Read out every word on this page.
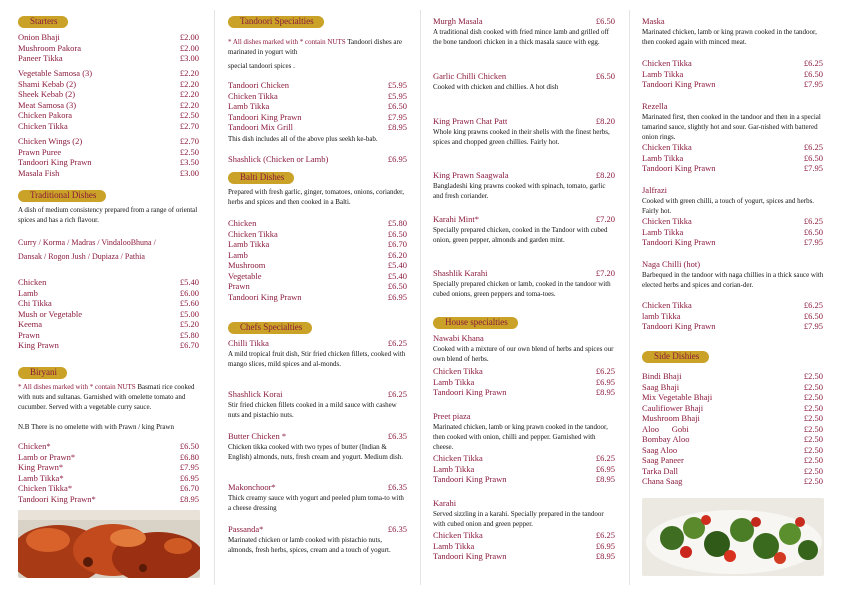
Starters
Onion Bhaji	£2.00
Mushroom Pakora	£2.00
Paneer Tikka	£3.00
Vegetable Samosa (3)	£2.20
Shami Kebab (2)	£2.20
Sheek Kebab (2)	£2.20
Meat Samosa (3)	£2.20
Chicken Pakora	£2.50
Chicken Tikka	£2.70
Chicken Wings (2)	£2.70
Prawn Puree	£2.50
Tandoori King Prawn	£3.50
Masala Fish	£3.00
Traditional Dishes
A dish of medium consistency prepared from a range of oriental spices and has a rich flavour.
Curry / Korma / Madras / VindalooBhuna /
Dansak / Rogon Jush / Dupiaza / Pathia
Chicken	£5.40
Lamb	£6.00
Chi Tikka	£5.60
Mush or Vegetable	£5.00
Keema	£5.20
Prawn	£5.80
King Prawn	£6.70
Biryani
* All dishes marked with * contain NUTS Basmati rice cooked with nuts and sultanas. Garnished with omelette tomato and cucumber. Served with a vegetable curry sauce.
N.B There is no omelette with with Prawn / king Prawn
Chicken*	£6.50
Lamb or Prawn*	£6.80
King Prawn*	£7.95
Lamb Tikka*	£6.95
Chicken Tikka*	£6.70
Tandoori King Prawn*	£8.95
Tandoori Specialties
* All dishes marked with * contain NUTS Tandoori dishes are marinated in yogurt with
special tandoori spices .
Tandoori Chicken	£5.95
Chicken Tikka	£5.95
Lamb Tikka	£6.50
Tandoori King Prawn	£7.95
Tandoori Mix Grill	£8.95
This dish includes all of the above plus seekh ke-bab.
Shashlick (Chicken or Lamb)	£6.95
Balti Dishes
Prepared with fresh garlic, ginger, tomatoes, onions, coriander, herbs and spices and then cooked in a Balti.
Chicken	£5.80
Chicken Tikka	£6.50
Lamb Tikka	£6.70
Lamb	£6.20
Mushroom	£5.40
Vegetable	£5.40
Prawn	£6.50
Tandoori King Prawn	£6.95
Chefs Specialties
Chilli Tikka	£6.25
A mild tropical fruit dish, Stir fried chicken fillets, cooked with mango slices, mild spices and al-monds.
Shashlick Korai	£6.25
Stir fried chicken fillets cooked in a mild sauce with cashew nuts and pistachio nuts.
Butter Chicken *	£6.35
Chicken tikka cooked with two types of butter (Indian & English) almonds, nuts, fresh cream and yogurt. Medium dish.
Makonchoor*	£6.35
Thick creamy sauce with yogurt and peeled plum toma-to with a cheese dressing
Passanda*	£6.35
Marinated chicken or lamb cooked with pistachio nuts, almonds, fresh herbs, spices, cream and a touch of yogurt.
Murgh Masala	£6.50
A traditional dish cooked with fried mince lamb and grilled off the bone tandoori chicken in a thick masala sauce with egg.
Garlic Chilli Chicken	£6.50
Cooked with chicken and chillies. A hot dish
King Prawn Chat Patt	£8.20
Whole king prawns cooked in their shells with the finest herbs, spices and chopped green chillies. Fairly hot.
King Prawn Saagwala	£8.20
Bangladeshi king prawns cooked with spinach, tomato, garlic and fresh coriander.
Karahi Mint*	£7.20
Specially prepared chicken, cooked in the Tandoor with cubed onion, green pepper, almonds and garden mint.
Shashlik Karahi	£7.20
Specially prepared chicken or lamb, cooked in the tandoor with cubed onions, green peppers and toma-toes.
House specialties
Nawabi Khana
Cooked with a mixture of our own blend of herbs and spices our own blend of herbs.
Chicken Tikka	£6.25
Lamb Tikka	£6.95
Tandoori King Prawn	£8.95
Preet piaza
Marinated chicken, lamb or king prawn cooked in the tandoor, then cooked with onion, chilli and pepper. Garnished with cheese.
Chicken Tikka	£6.25
Lamb Tikka	£6.95
Tandoori King Prawn	£8.95
Karahi
Served sizzling in a karahi. Specially prepared in the tandoor with cubed onion and green pepper.
Chicken Tikka	£6.25
Lamb Tikka	£6.95
Tandoori King Prawn	£8.95
Maska
Marinated chicken, lamb or king prawn cooked in the tandoor, then cooked again with minced meat.
Chicken Tikka	£6.25
Lamb Tikka	£6.50
Tandoori King Prawn	£7.95
Rezella
Marinated first, then cooked in the tandoor and then in a special tamarind sauce, slightly hot and sour. Gar-nished with battered onion rings.
Chicken Tikka	£6.25
Lamb Tikka	£6.50
Tandoori King Prawn	£7.95
Jalfrazi
Cooked with green chilli, a touch of yogurt, spices and herbs. Fairly hot.
Chicken Tikka	£6.25
Lamb Tikka	£6.50
Tandoori King Prawn	£7.95
Naga Chilli (hot)
Barbequed in the tandoor with naga chillies in a thick sauce with elected herbs and spices and corian-der.
Chicken Tikka	£6.25
lamb Tikka	£6.50
Tandoori King Prawn	£7.95
Side Dishies
Bindi Bhaji	£2.50
Saag Bhaji	£2.50
Mix Vegetable Bhaji	£2.50
Caulifiower Bhaji	£2.50
Mushroom Bhaji	£2.50
Aloo      Gobi	£2.50
Bombay Aloo	£2.50
Saag Aloo	£2.50
Saag Paneer	£2.50
Tarka Dall	£2.50
Chana Saag	£2.50
